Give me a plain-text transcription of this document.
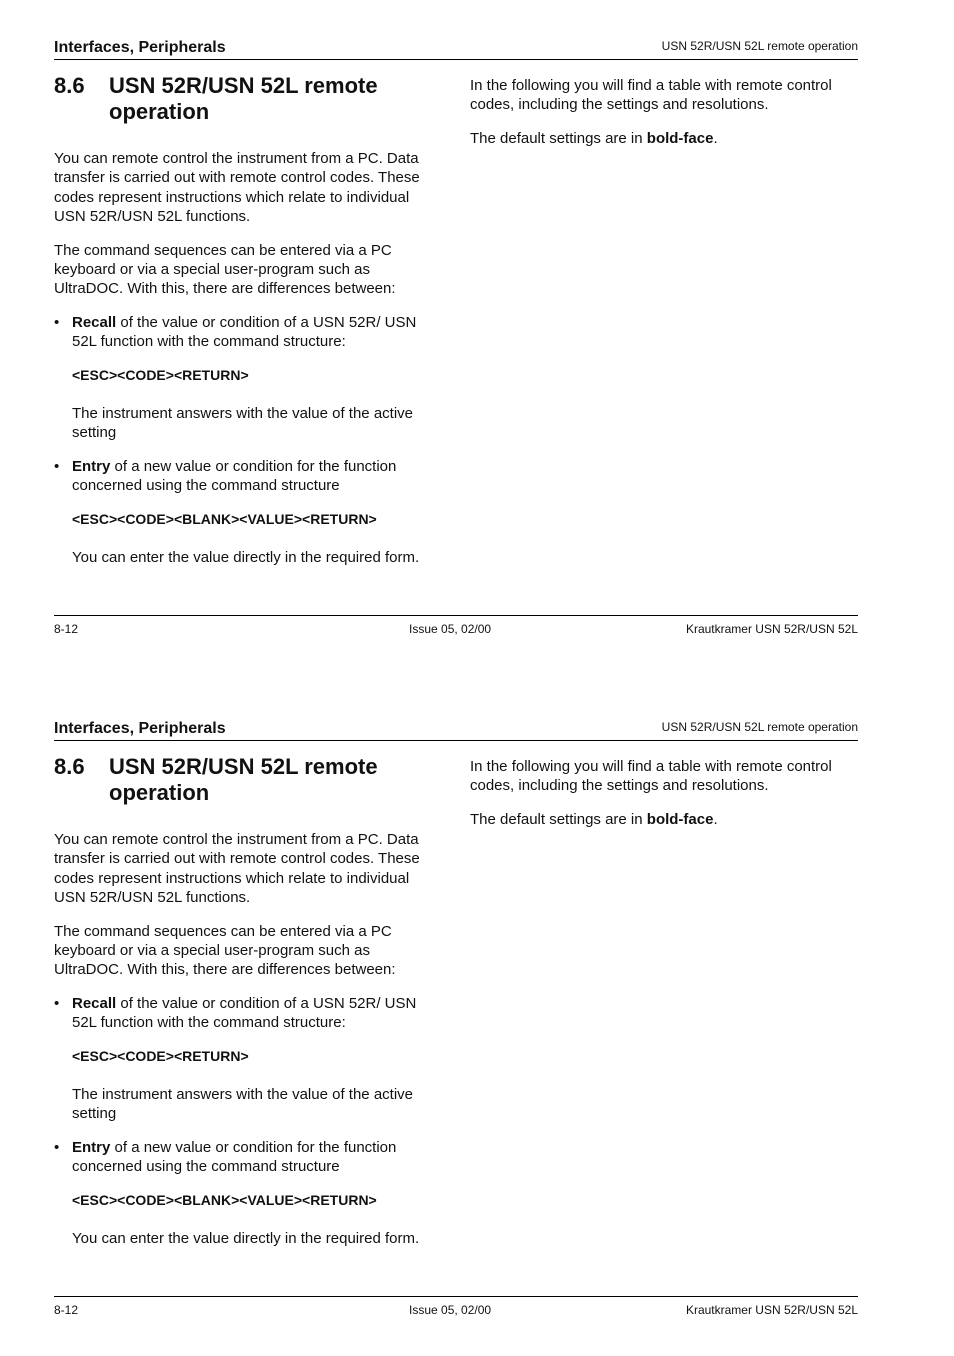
Interfaces, Peripherals	USN 52R/USN 52L remote operation
8.6 USN 52R/USN 52L remote operation

You can remote control the instrument from a PC. Data transfer is carried out with remote control codes. These codes represent instructions which relate to individual USN 52R/USN 52L functions.

The command sequences can be entered via a PC keyboard or via a special user-program such as UltraDOC. With this, there are differences between:

• Recall of the value or condition of a USN 52R/ USN 52L function with the command structure:

<ESC><CODE><RETURN>

The instrument answers with the value of the active setting

• Entry of a new value or condition for the function concerned using the command structure

<ESC><CODE><BLANK><VALUE><RETURN>

You can enter the value directly in the required form.

In the following you will find a table with remote control codes, including the settings and resolutions.

The default settings are in bold-face.

8-12	Issue 05, 02/00	Krautkramer USN 52R/USN 52L
Interfaces, Peripherals	USN 52R/USN 52L remote operation
8.6 USN 52R/USN 52L remote operation

You can remote control the instrument from a PC. Data transfer is carried out with remote control codes. These codes represent instructions which relate to individual USN 52R/USN 52L functions.

The command sequences can be entered via a PC keyboard or via a special user-program such as UltraDOC. With this, there are differences between:

• Recall of the value or condition of a USN 52R/ USN 52L function with the command structure:

<ESC><CODE><RETURN>

The instrument answers with the value of the active setting

• Entry of a new value or condition for the function concerned using the command structure

<ESC><CODE><BLANK><VALUE><RETURN>

You can enter the value directly in the required form.

In the following you will find a table with remote control codes, including the settings and resolutions.

The default settings are in bold-face.

8-12	Issue 05, 02/00	Krautkramer USN 52R/USN 52L
